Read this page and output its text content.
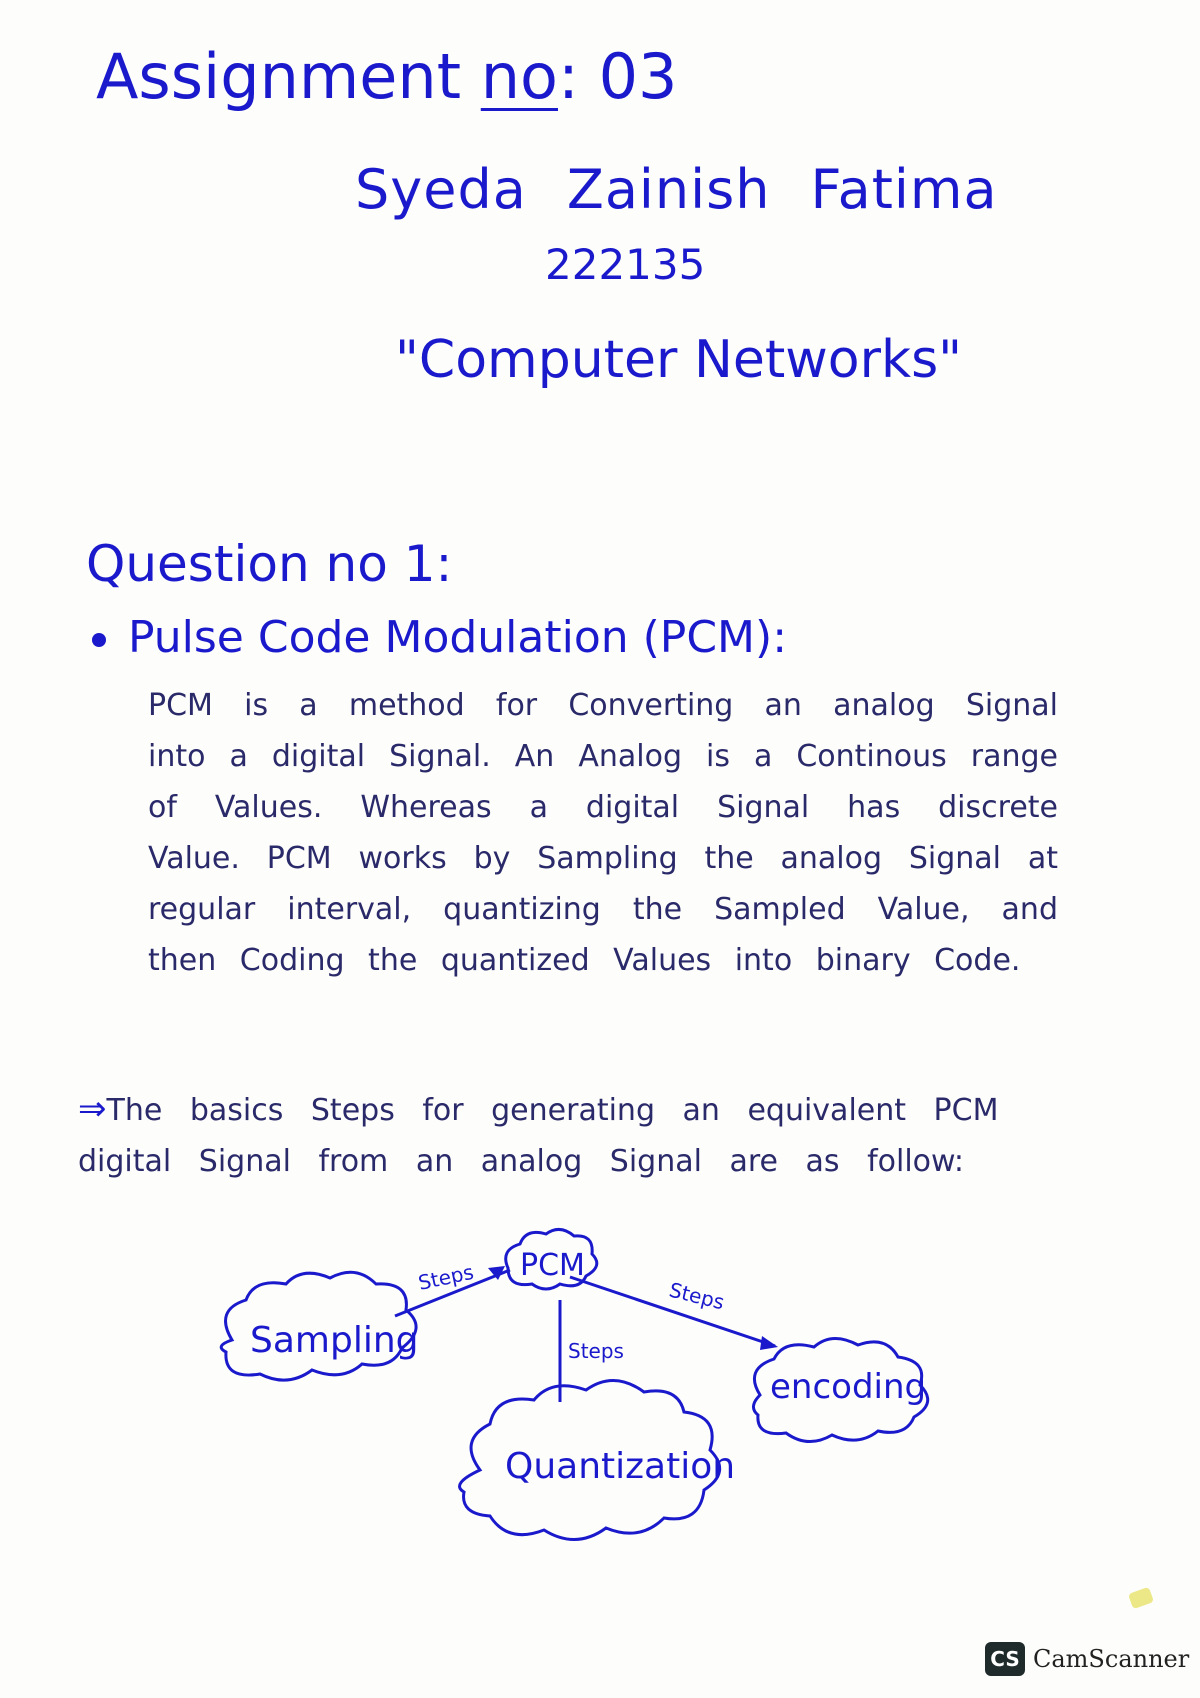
Assignment no: 03
Syeda Zainish Fatima
222135
"Computer Networks"
Question no 1:
Pulse Code Modulation (PCM):
PCM is a method for Converting an analog Signal into a digital Signal. An Analog is a Continous range of Values. Whereas a digital Signal has discrete Value. PCM works by Sampling the analog Signal at regular interval, quantizing the Sampled Value, and then Coding the quantized Values into binary Code.
⇒The basics Steps for generating an equivalent PCM digital Signal from an analog Signal are as follow:
PCM
Sampling
Quantization
encoding
Steps
Steps
Steps
CS CamScanner
